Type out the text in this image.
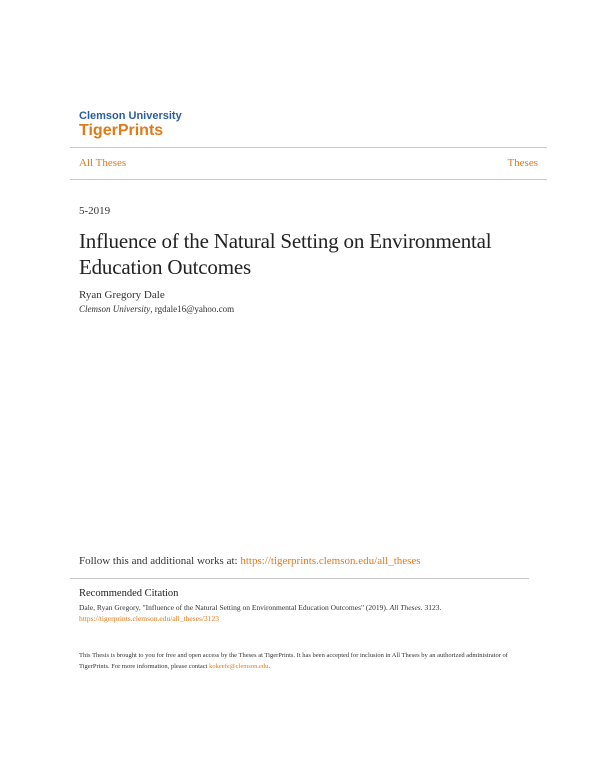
Clemson University
TigerPrints
All Theses	Theses
5-2019
Influence of the Natural Setting on Environmental Education Outcomes
Ryan Gregory Dale
Clemson University, rgdale16@yahoo.com
Follow this and additional works at: https://tigerprints.clemson.edu/all_theses
Recommended Citation
Dale, Ryan Gregory, "Influence of the Natural Setting on Environmental Education Outcomes" (2019). All Theses. 3123.
https://tigerprints.clemson.edu/all_theses/3123
This Thesis is brought to you for free and open access by the Theses at TigerPrints. It has been accepted for inclusion in All Theses by an authorized administrator of TigerPrints. For more information, please contact kokeefe@clemson.edu.
